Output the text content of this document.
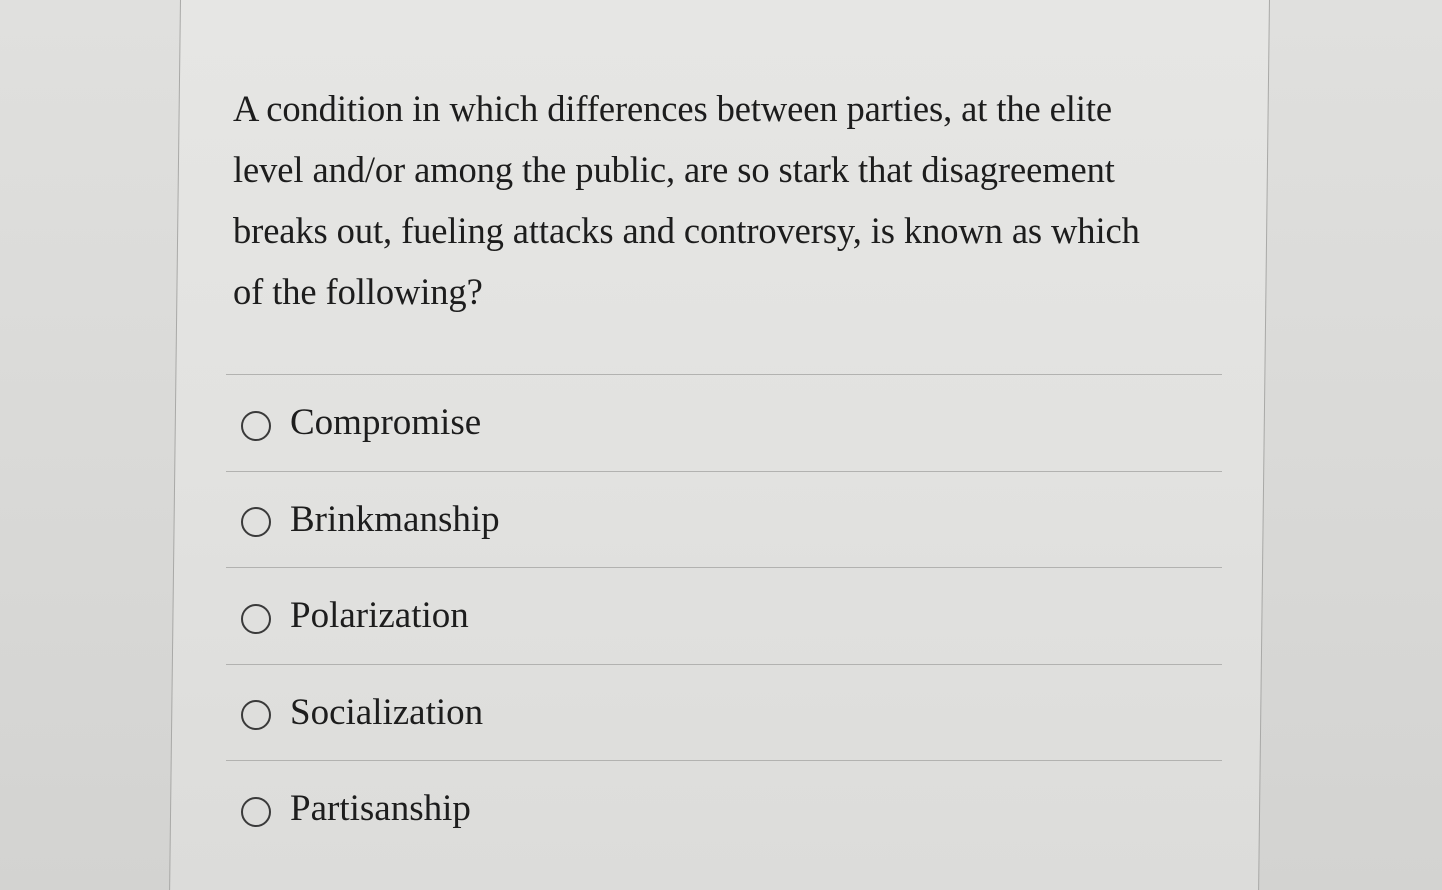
A condition in which differences between parties, at the elite
level and/or among the public, are so stark that disagreement
breaks out, fueling attacks and controversy, is known as which
of the following?

Compromise
Brinkmanship
Polarization
Socialization
Partisanship
